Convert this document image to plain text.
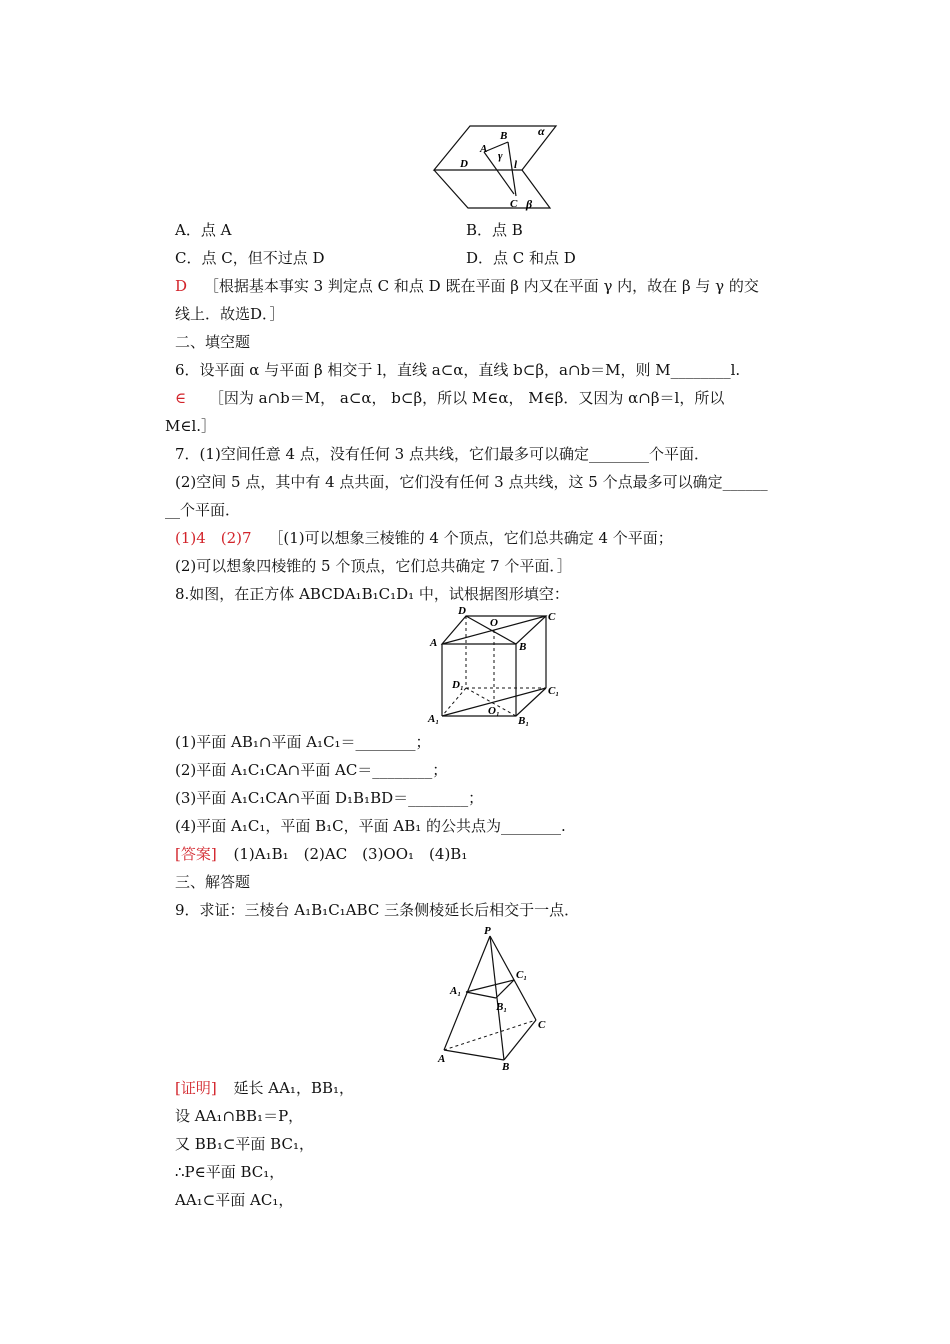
B	α
A
γ
l
D
C β
A．点 A	B．点 B
C．点 C，但不过点 D	D．点 C 和点 D
D ［根据基本事实 3 判定点 C 和点 D 既在平面 β 内又在平面 γ 内，故在 β 与 γ 的交
线上．故选D．］
二、填空题
6．设平面 α 与平面 β 相交于 l，直线 a⊂α，直线 b⊂β，a∩b＝M，则 M________l.
∈ ［因为 a∩b＝M， a⊂α， b⊂β，所以 M∈α， M∈β．又因为 α∩β＝l，所以
M∈l.］
7．(1)空间任意 4 点，没有任何 3 点共线，它们最多可以确定________个平面．
(2)空间 5 点，其中有 4 点共面，它们没有任何 3 点共线，这 5 个点最多可以确定______
__个平面．
(1)4　(2)7 ［(1)可以想象三棱锥的 4 个顶点，它们总共确定 4 个平面；
(2)可以想象四棱锥的 5 个顶点，它们总共确定 7 个平面．］
8.如图，在正方体 ABCDA₁B₁C₁D₁ 中，试根据图形填空：
D
O	C
A	B
D₁	C₁
O₁
A₁	B₁
(1)平面 AB₁∩平面 A₁C₁＝________；
(2)平面 A₁C₁CA∩平面 AC＝________；
(3)平面 A₁C₁CA∩平面 D₁B₁BD＝________；
(4)平面 A₁C₁，平面 B₁C，平面 AB₁ 的公共点为________.
[答案] (1)A₁B₁　(2)AC　(3)OO₁　(4)B₁
三、解答题
9．求证：三棱台 A₁B₁C₁ABC 三条侧棱延长后相交于一点．
P
C₁
A₁
B₁
C
A
B
[证明] 延长 AA₁，BB₁，
设 AA₁∩BB₁＝P，
又 BB₁⊂平面 BC₁，
∴P∈平面 BC₁，
AA₁⊂平面 AC₁，
